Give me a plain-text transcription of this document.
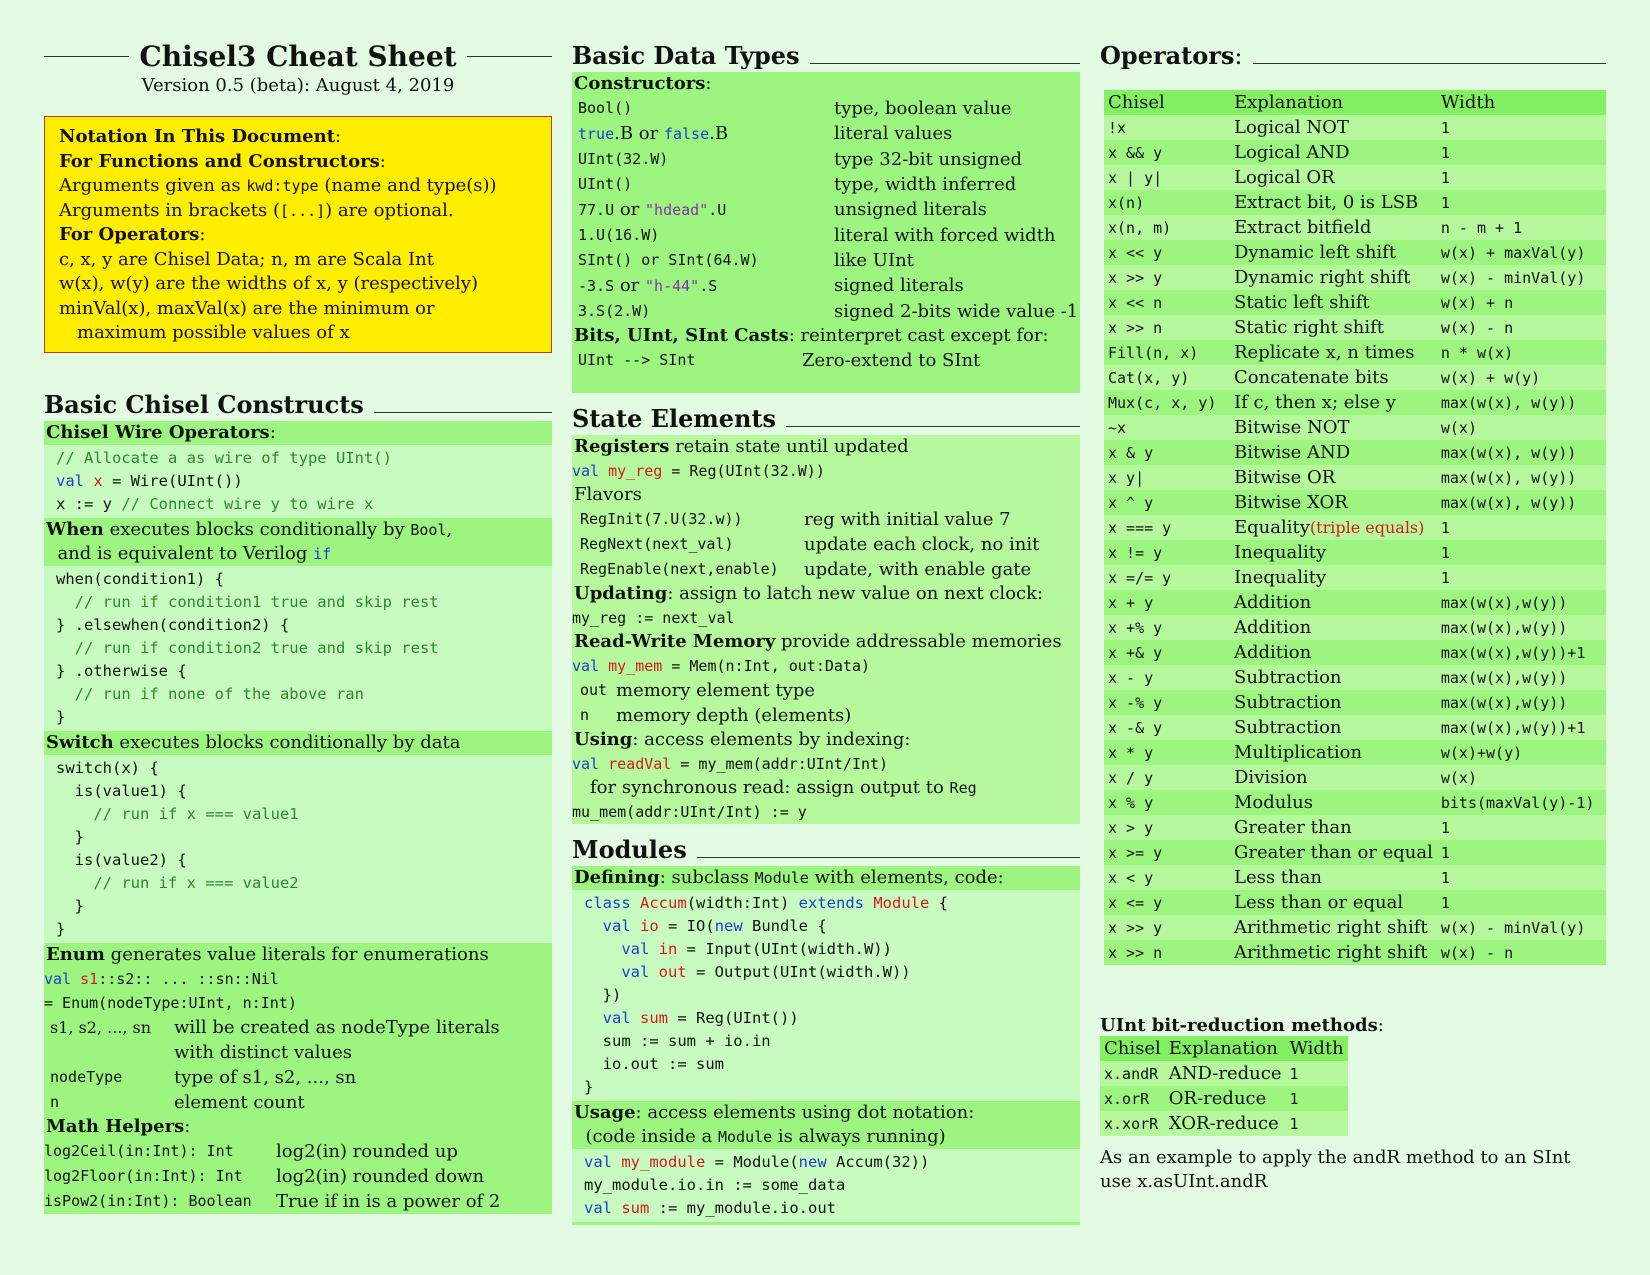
Chisel3 Cheat Sheet
Version 0.5 (beta): August 4, 2019
Notation In This Document:
For Functions and Constructors:
Arguments given as kwd:type (name and type(s))
Arguments in brackets ([...]) are optional.
For Operators:
c, x, y are Chisel Data; n, m are Scala Int
w(x), w(y) are the widths of x, y (respectively)
minVal(x), maxVal(x) are the minimum or
maximum possible values of x
Basic Chisel Constructs
Chisel Wire Operators:
// Allocate a as wire of type UInt()
val x = Wire(UInt())
x := y // Connect wire y to wire x
When executes blocks conditionally by Bool,
and is equivalent to Verilog if
when(condition1) {
// run if condition1 true and skip rest
} .elsewhen(condition2) {
// run if condition2 true and skip rest
} .otherwise {
// run if none of the above ran
}
Switch executes blocks conditionally by data
switch(x) {
is(value1) {
// run if x === value1
}
is(value2) {
// run if x === value2
}
}
Enum generates value literals for enumerations
val s1::s2:: ... ::sn::Nil
= Enum(nodeType:UInt, n:Int)
s1, s2, ..., sn	will be created as nodeType literals
with distinct values
nodeType	type of s1, s2, ..., sn
n	element count
Math Helpers:
log2Ceil(in:Int): Int	log2(in) rounded up
log2Floor(in:Int): Int	log2(in) rounded down
isPow2(in:Int): Boolean	True if in is a power of 2
Basic Data Types
Constructors:
Bool()	type, boolean value
true.B or false.B	literal values
UInt(32.W)	type 32-bit unsigned
UInt()	type, width inferred
77.U or "hdead".U	unsigned literals
1.U(16.W)	literal with forced width
SInt() or SInt(64.W)	like UInt
-3.S or "h-44".S	signed literals
3.S(2.W)	signed 2-bits wide value -1
Bits, UInt, SInt Casts: reinterpret cast except for:
UInt --> SInt	Zero-extend to SInt
State Elements
Registers retain state until updated
val my_reg = Reg(UInt(32.W))
Flavors
RegInit(7.U(32.w))	reg with initial value 7
RegNext(next_val)	update each clock, no init
RegEnable(next,enable)	update, with enable gate
Updating: assign to latch new value on next clock:
my_reg := next_val
Read-Write Memory provide addressable memories
val my_mem = Mem(n:Int, out:Data)
out memory element type
n	memory depth (elements)
Using: access elements by indexing:
val readVal = my_mem(addr:UInt/Int)
for synchronous read: assign output to Reg
mu_mem(addr:UInt/Int) := y
Modules
Defining: subclass Module with elements, code:
class Accum(width:Int) extends Module {
val io = IO(new Bundle {
val in = Input(UInt(width.W))
val out = Output(UInt(width.W))
})
val sum = Reg(UInt())
sum := sum + io.in
io.out := sum
}
Usage: access elements using dot notation:
(code inside a Module is always running)
val my_module = Module(new Accum(32))
my_module.io.in := some_data
val sum := my_module.io.out
Operators :
Chisel	Explanation	Width
!x	Logical NOT	1
x && y	Logical AND	1
x | y|	Logical OR	1
x(n)	Extract bit, 0 is LSB	1
x(n, m)	Extract bitfield	n - m + 1
x << y	Dynamic left shift	w(x) + maxVal(y)
x >> y	Dynamic right shift	w(x) - minVal(y)
x << n	Static left shift	w(x) + n
x >> n	Static right shift	w(x) - n
Fill(n, x)	Replicate x, n times	n * w(x)
Cat(x, y)	Concatenate bits	w(x) + w(y)
Mux(c, x, y)	If c, then x; else y	max(w(x), w(y))
~x	Bitwise NOT	w(x)
x & y	Bitwise AND	max(w(x), w(y))
x y|	Bitwise OR	max(w(x), w(y))
x ^ y	Bitwise XOR	max(w(x), w(y))
x === y	Equality(triple equals)	1
x != y	Inequality	1
x =/= y	Inequality	1
x + y	Addition	max(w(x),w(y))
x +% y	Addition	max(w(x),w(y))
x +& y	Addition	max(w(x),w(y))+1
x - y	Subtraction	max(w(x),w(y))
x -% y	Subtraction	max(w(x),w(y))
x -& y	Subtraction	max(w(x),w(y))+1
x * y	Multiplication	w(x)+w(y)
x / y	Division	w(x)
x % y	Modulus	bits(maxVal(y)-1)
x > y	Greater than	1
x >= y	Greater than or equal	1
x < y	Less than	1
x <= y	Less than or equal	1
x >> y	Arithmetic right shift	w(x) - minVal(y)
x >> n	Arithmetic right shift	w(x) - n
UInt bit-reduction methods:
Chisel	Explanation	Width
x.andR	AND-reduce	1
x.orR	OR-reduce	1
x.xorR	XOR-reduce	1
As an example to apply the andR method to an SInt use x.asUInt.andR
